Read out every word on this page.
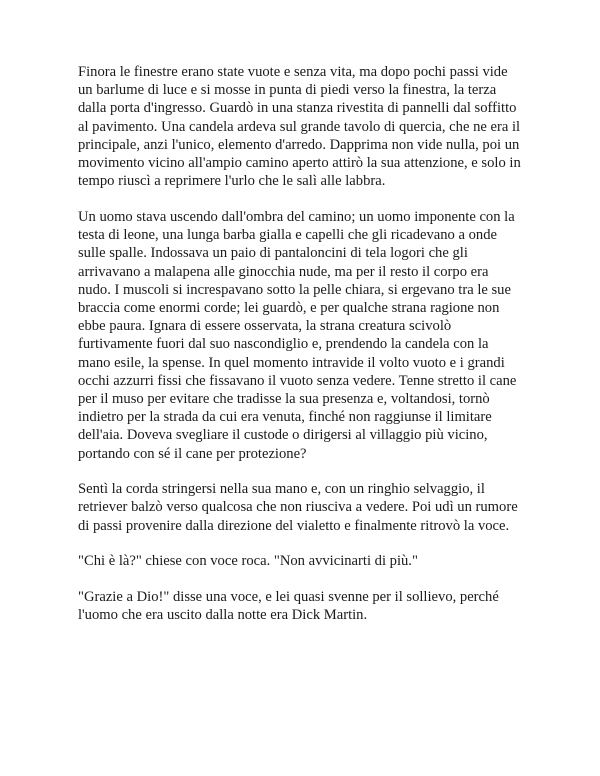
Finora le finestre erano state vuote e senza vita, ma dopo pochi passi vide

un barlume di luce e si mosse in punta di piedi verso la finestra, la terza

dalla porta d'ingresso. Guardò in una stanza rivestita di pannelli dal soffitto

al pavimento. Una candela ardeva sul grande tavolo di quercia, che ne era il

principale, anzi l'unico, elemento d'arredo. Dapprima non vide nulla, poi un

movimento vicino all'ampio camino aperto attirò la sua attenzione, e solo in

tempo riuscì a reprimere l'urlo che le salì alle labbra.

Un uomo stava uscendo dall'ombra del camino; un uomo imponente con la

testa di leone, una lunga barba gialla e capelli che gli ricadevano a onde

sulle spalle. Indossava un paio di pantaloncini di tela logori che gli

arrivavano a malapena alle ginocchia nude, ma per il resto il corpo era

nudo. I muscoli si increspavano sotto la pelle chiara, si ergevano tra le sue

braccia come enormi corde; lei guardò, e per qualche strana ragione non

ebbe paura. Ignara di essere osservata, la strana creatura scivolò

furtivamente fuori dal suo nascondiglio e, prendendo la candela con la

mano esile, la spense. In quel momento intravide il volto vuoto e i grandi

occhi azzurri fissi che fissavano il vuoto senza vedere. Tenne stretto il cane

per il muso per evitare che tradisse la sua presenza e, voltandosi, tornò

indietro per la strada da cui era venuta, finché non raggiunse il limitare

dell'aia. Doveva svegliare il custode o dirigersi al villaggio più vicino,

portando con sé il cane per protezione?

Sentì la corda stringersi nella sua mano e, con un ringhio selvaggio, il

retriever balzò verso qualcosa che non riusciva a vedere. Poi udì un rumore

di passi provenire dalla direzione del vialetto e finalmente ritrovò la voce.

"Chi è là?" chiese con voce roca. "Non avvicinarti di più."

"Grazie a Dio!" disse una voce, e lei quasi svenne per il sollievo, perché

l'uomo che era uscito dalla notte era Dick Martin.
